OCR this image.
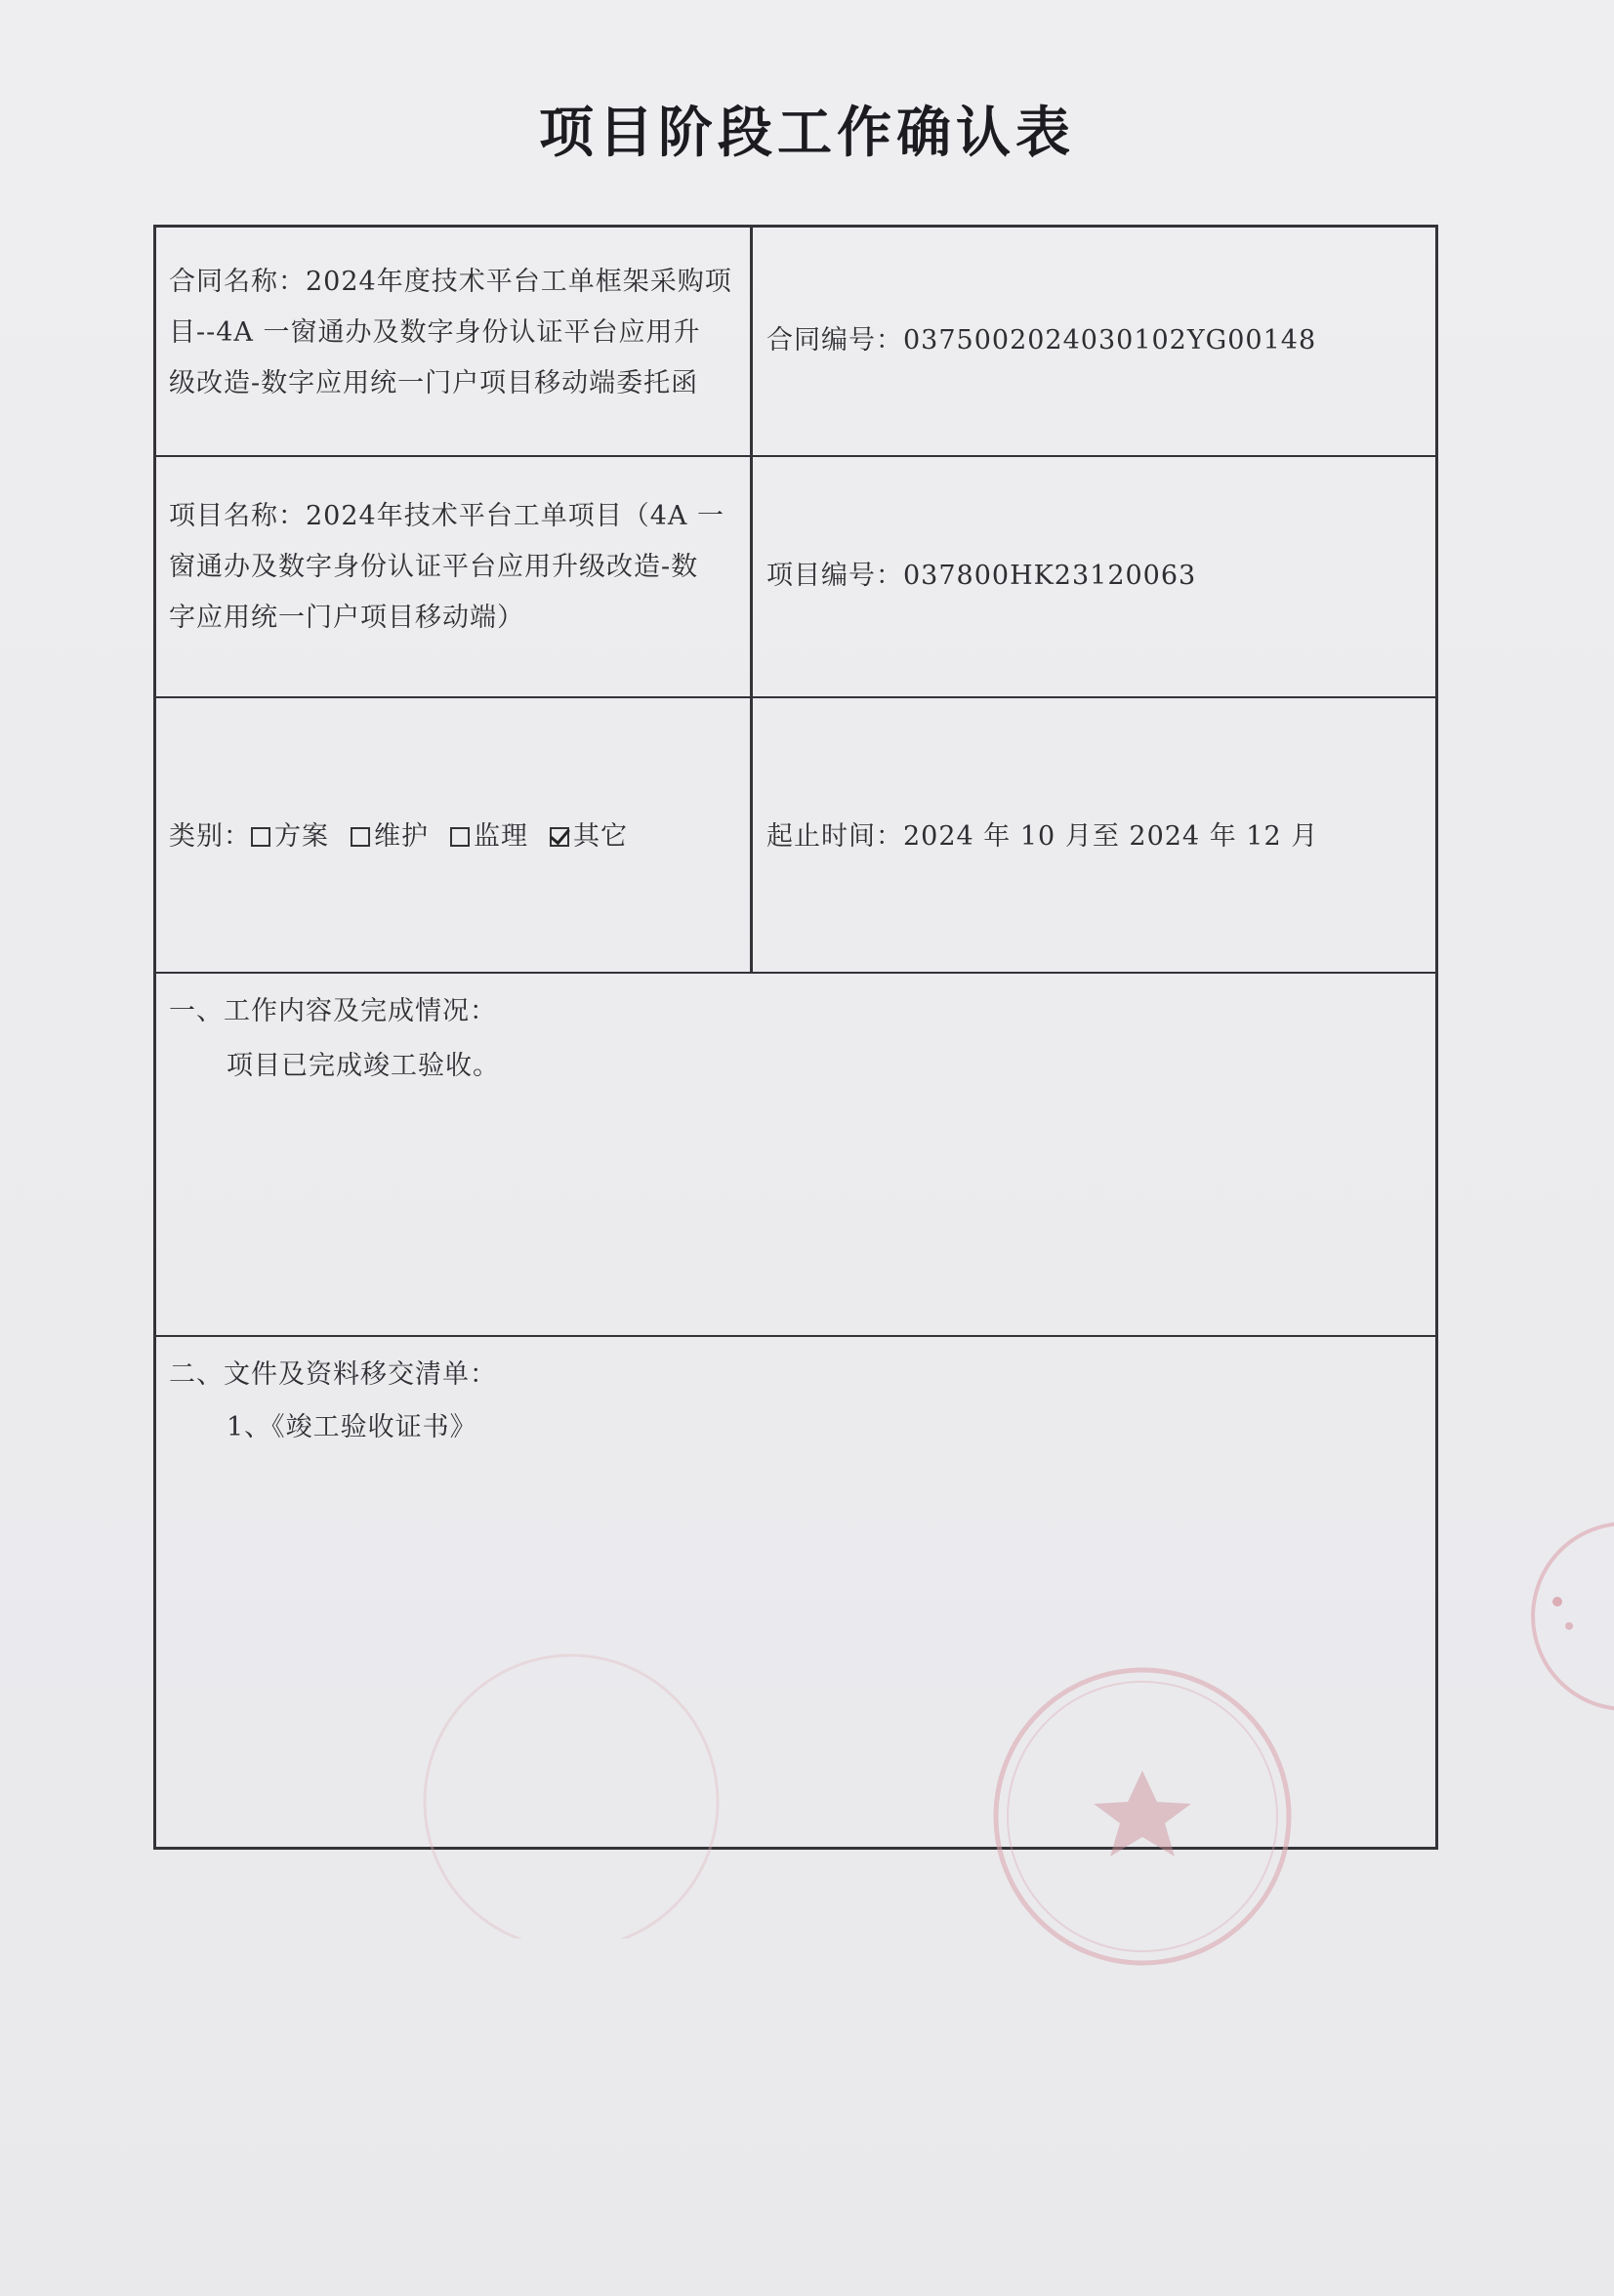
项目阶段工作确认表
合同名称：2024年度技术平台工单框架采购项
目--4A 一窗通办及数字身份认证平台应用升
级改造-数字应用统一门户项目移动端委托函
合同编号：037500202403010​2YG00148
项目名称：2024年技术平台工单项目（4A 一
窗通办及数字身份认证平台应用升级改造-数
字应用统一门户项目移动端）
项目编号：037800HK23120063
类别： 方案 维护 监理 其它	起止时间：2024 年 10 月至 2024 年 12 月
一、工作内容及完成情况：
项目已完成竣工验收。
二、文件及资料移交清单：
1、《竣工验收证书》
